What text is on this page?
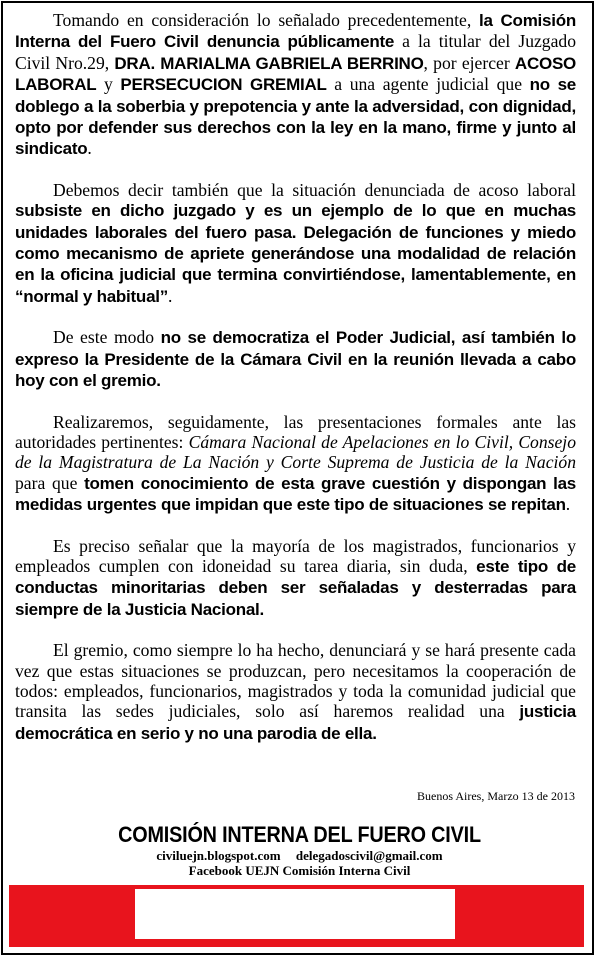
Tomando en consideración lo señalado precedentemente, la Comisión Interna del Fuero Civil denuncia públicamente a la titular del Juzgado Civil Nro.29, DRA. MARIALMA GABRIELA BERRINO, por ejercer ACOSO LABORAL y PERSECUCION GREMIAL a una agente judicial que no se doblego a la soberbia y prepotencia y ante la adversidad, con dignidad, opto por defender sus derechos con la ley en la mano, firme y junto al sindicato.

Debemos decir también que la situación denunciada de acoso laboral subsiste en dicho juzgado y es un ejemplo de lo que en muchas unidades laborales del fuero pasa. Delegación de funciones y miedo como mecanismo de apriete generándose una modalidad de relación en la oficina judicial que termina convirtiéndose, lamentablemente, en “normal y habitual”.

De este modo no se democratiza el Poder Judicial, así también lo expreso la Presidente de la Cámara Civil en la reunión llevada a cabo hoy con el gremio.

Realizaremos, seguidamente, las presentaciones formales ante las autoridades pertinentes: Cámara Nacional de Apelaciones en lo Civil, Consejo de la Magistratura de La Nación y Corte Suprema de Justicia de la Nación para que tomen conocimiento de esta grave cuestión y dispongan las medidas urgentes que impidan que este tipo de situaciones se repitan.

Es preciso señalar que la mayoría de los magistrados, funcionarios y empleados cumplen con idoneidad su tarea diaria, sin duda, este tipo de conductas minoritarias deben ser señaladas y desterradas para siempre de la Justicia Nacional.

El gremio, como siempre lo ha hecho, denunciará y se hará presente cada vez que estas situaciones se produzcan, pero necesitamos la cooperación de todos: empleados, funcionarios, magistrados y toda la comunidad judicial que transita las sedes judiciales, solo así haremos realidad una justicia democrática en serio y no una parodia de ella.

Buenos Aires, Marzo 13 de 2013
COMISIÓN INTERNA DEL FUERO CIVIL
civiluejn.blogspot.com delegadoscivil@gmail.com
Facebook UEJN Comisión Interna Civil
UEJN
JUDICIALES
